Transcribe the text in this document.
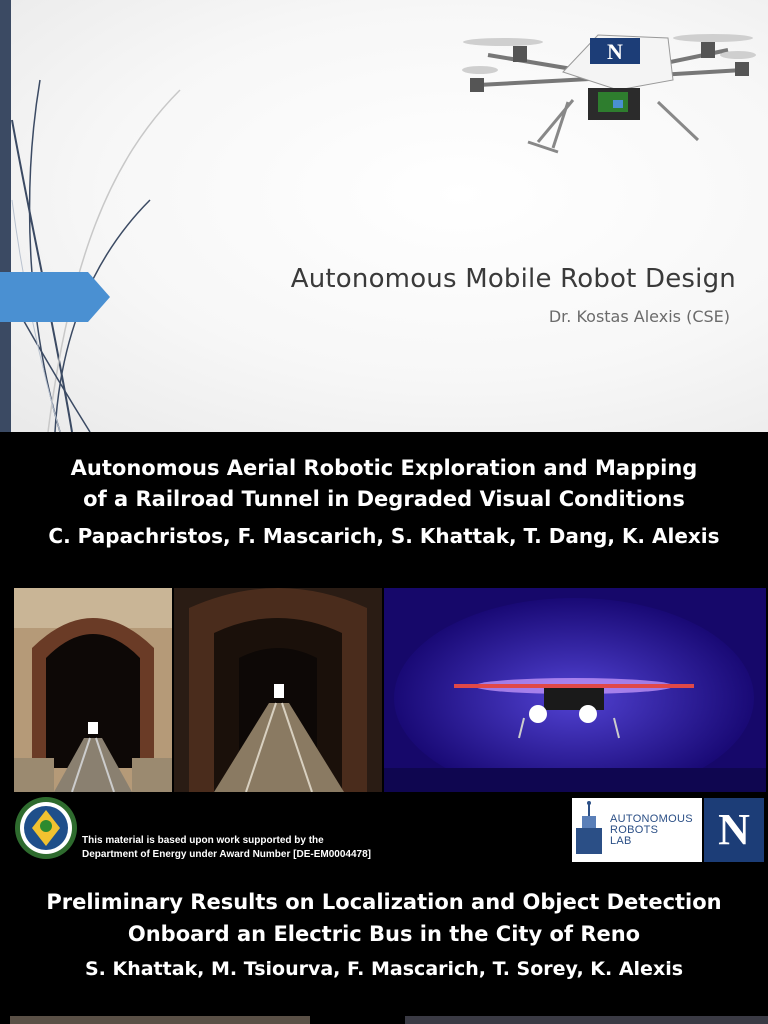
N
Autonomous Mobile Robot Design
Dr. Kostas Alexis (CSE)
Autonomous Aerial Robotic Exploration and Mapping
of a Railroad Tunnel in Degraded Visual Conditions
C. Papachristos, F. Mascarich, S. Khattak, T. Dang, K. Alexis
This material is based upon work supported by the
Department of Energy under Award Number [DE-EM0004478]
AUTONOMOUS
ROBOTS
LAB	N
Preliminary Results on Localization and Object Detection
Onboard an Electric Bus in the City of Reno
S. Khattak, M. Tsiourva, F. Mascarich, T. Sorey, K. Alexis
